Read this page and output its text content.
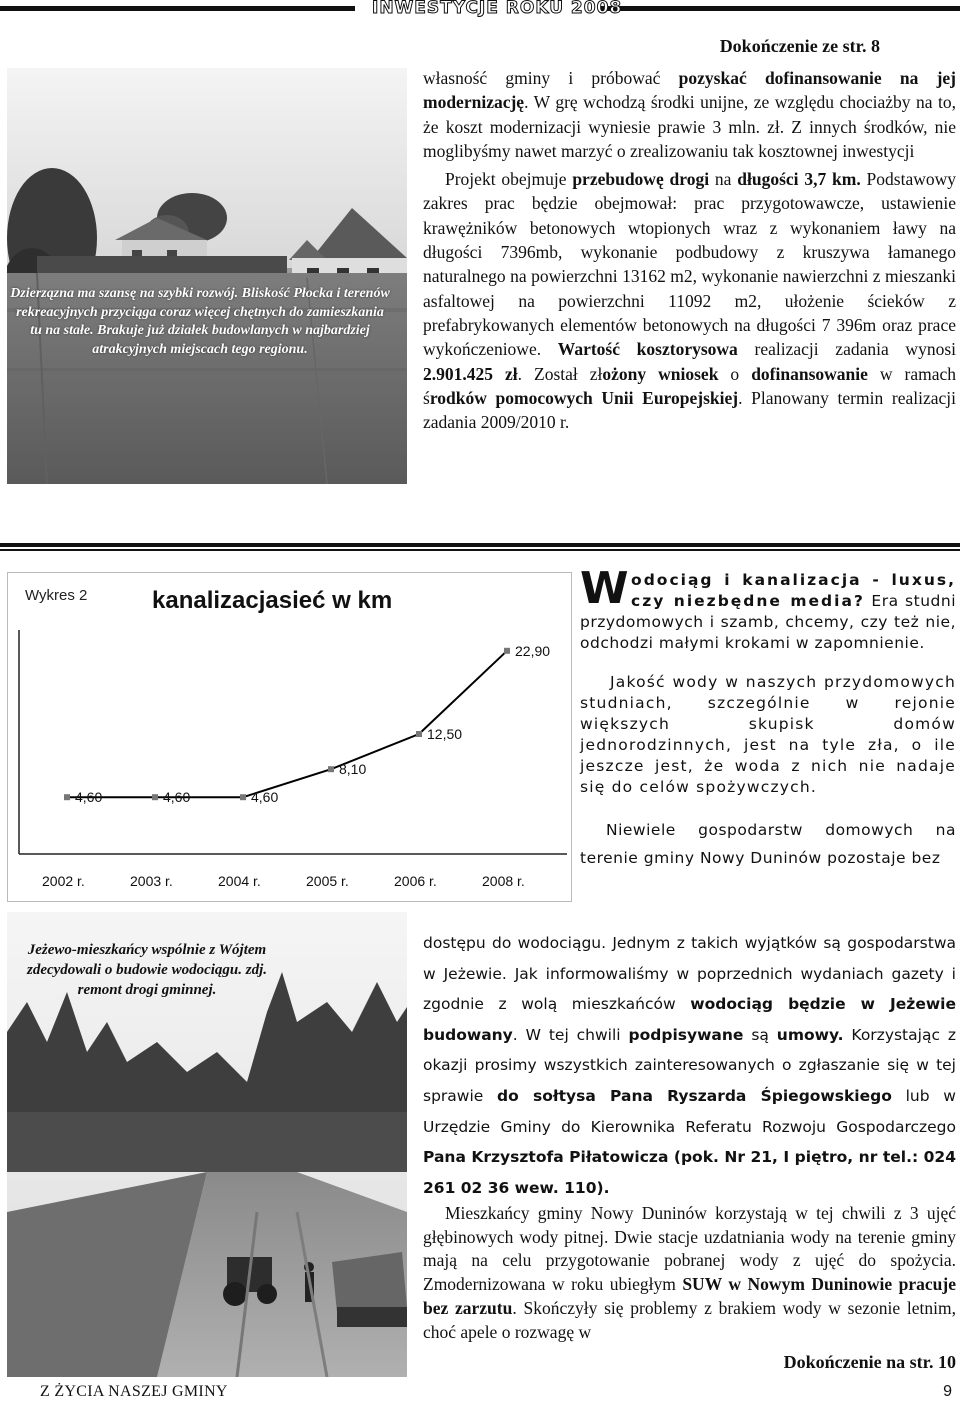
INWESTYCJE ROKU 2008
Dokończenie ze str. 8
Dzierzązna ma szansę na szybki rozwój. Bliskość Płocka i terenów rekreacyjnych przyciąga coraz więcej chętnych do zamieszkania tu na stałe. Brakuje już działek budowlanych w najbardziej atrakcyjnych miejscach tego regionu.

własność gminy i próbować pozyskać dofinansowanie na jej modernizację. W grę wchodzą środki unijne, ze względu chociażby na to, że koszt modernizacji wyniesie prawie 3 mln. zł. Z innych środków, nie moglibyśmy nawet marzyć o zrealizowaniu tak kosztownej inwestycji

Projekt obejmuje przebudowę drogi na długości 3,7 km. Podstawowy zakres prac będzie obejmował: prac przygotowawcze, ustawienie krawężników betonowych wtopionych wraz z wykonaniem ławy na długości 7396mb, wykonanie podbudowy z kruszywa łamanego naturalnego na powierzchni 13162 m2, wykonanie nawierzchni z mieszanki asfaltowej na powierzchni 11092 m2, ułożenie ścieków z prefabrykowanych elementów betonowych na długości 7 396m oraz prace wykończeniowe. Wartość kosztorysowa realizacji zadania wynosi 2.901.425 zł. Został złożony wniosek o dofinansowanie w ramach środków pomocowych Unii Europejskiej. Planowany termin realizacji zadania 2009/2010 r.

Wykres 2	kanalizacjasieć w km
4,60
2002 r.
4,60
2003 r.
4,60
2004 r.
8,10
2005 r.
12,50
2006 r.
22,90
2008 r.

Wodociąg i kanalizacja - luxus, czy niezbędne media? Era studni przydomowych i szamb, chcemy, czy też nie, odchodzi małymi krokami w zapomnienie.

Jakość wody w naszych przydomowych studniach, szczególnie w rejonie większych skupisk domów jednorodzinnych, jest na tyle zła, o ile jeszcze jest, że woda z nich nie nadaje się do celów spożywczych.

Niewiele gospodarstw domowych na terenie gminy Nowy Duninów pozostaje bez

Jeżewo-mieszkańcy wspólnie z Wójtem zdecydowali o budowie wodociągu. zdj. remont drogi gminnej.
dostępu do wodociągu. Jednym z takich wyjątków są gospodarstwa w Jeżewie. Jak informowaliśmy w poprzednich wydaniach gazety i zgodnie z wolą mieszkańców wodociąg będzie w Jeżewie budowany. W tej chwili podpisywane są umowy. Korzystając z okazji prosimy wszystkich zainteresowanych o zgłaszanie się w tej sprawie do sołtysa Pana Ryszarda Śpiegowskiego lub w Urzędzie Gminy do Kierownika Referatu Rozwoju Gospodarczego Pana Krzysztofa Piłatowicza (pok. Nr 21, I piętro, nr tel.: 024 261 02 36 wew. 110).
Mieszkańcy gminy Nowy Duninów korzystają w tej chwili z 3 ujęć głębinowych wody pitnej. Dwie stacje uzdatniania wody na terenie gminy mają na celu przygotowanie pobranej wody z ujęć do spożycia. Zmodernizowana w roku ubiegłym SUW w Nowym Duninowie pracuje bez zarzutu. Skończyły się problemy z brakiem wody w sezonie letnim, choć apele o rozwagę w
Dokończenie na str. 10
Z ŻYCIA NASZEJ GMINY	9
